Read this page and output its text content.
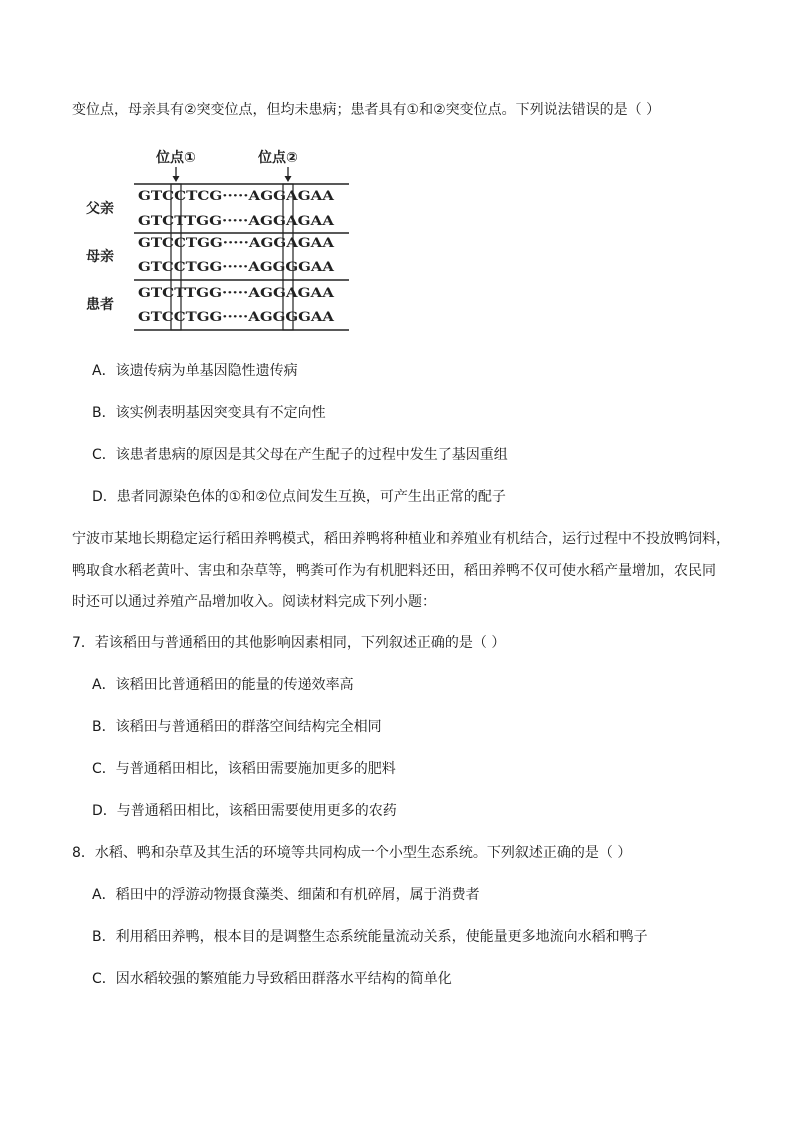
变位点，母亲具有②突变位点，但均未患病；患者具有①和②突变位点。下列说法错误的是（ ）
位点①	位点②
父亲
母亲
患者
GTCCTCG·····AGGAGAA
GTCTTGG·····AGGAGAA
GTCCTGG·····AGGAGAA
GTCCTGG·····AGGGGAA
GTCTTGG·····AGGAGAA
GTCCTGG·····AGGGGAA
A．该遗传病为单基因隐性遗传病
B．该实例表明基因突变具有不定向性
C．该患者患病的原因是其父母在产生配子的过程中发生了基因重组
D．患者同源染色体的①和②位点间发生互换，可产生出正常的配子
宁波市某地长期稳定运行稻田养鸭模式，稻田养鸭将种植业和养殖业有机结合，运行过程中不投放鸭饲料，
鸭取食水稻老黄叶、害虫和杂草等，鸭粪可作为有机肥料还田，稻田养鸭不仅可使水稻产量增加，农民同
时还可以通过养殖产品增加收入。阅读材料完成下列小题：
7．若该稻田与普通稻田的其他影响因素相同，下列叙述正确的是（ ）
A．该稻田比普通稻田的能量的传递效率高
B．该稻田与普通稻田的群落空间结构完全相同
C．与普通稻田相比，该稻田需要施加更多的肥料
D．与普通稻田相比，该稻田需要使用更多的农药
8．水稻、鸭和杂草及其生活的环境等共同构成一个小型生态系统。下列叙述正确的是（ ）
A．稻田中的浮游动物摄食藻类、细菌和有机碎屑，属于消费者
B．利用稻田养鸭，根本目的是调整生态系统能量流动关系，使能量更多地流向水稻和鸭子
C．因水稻较强的繁殖能力导致稻田群落水平结构的简单化
